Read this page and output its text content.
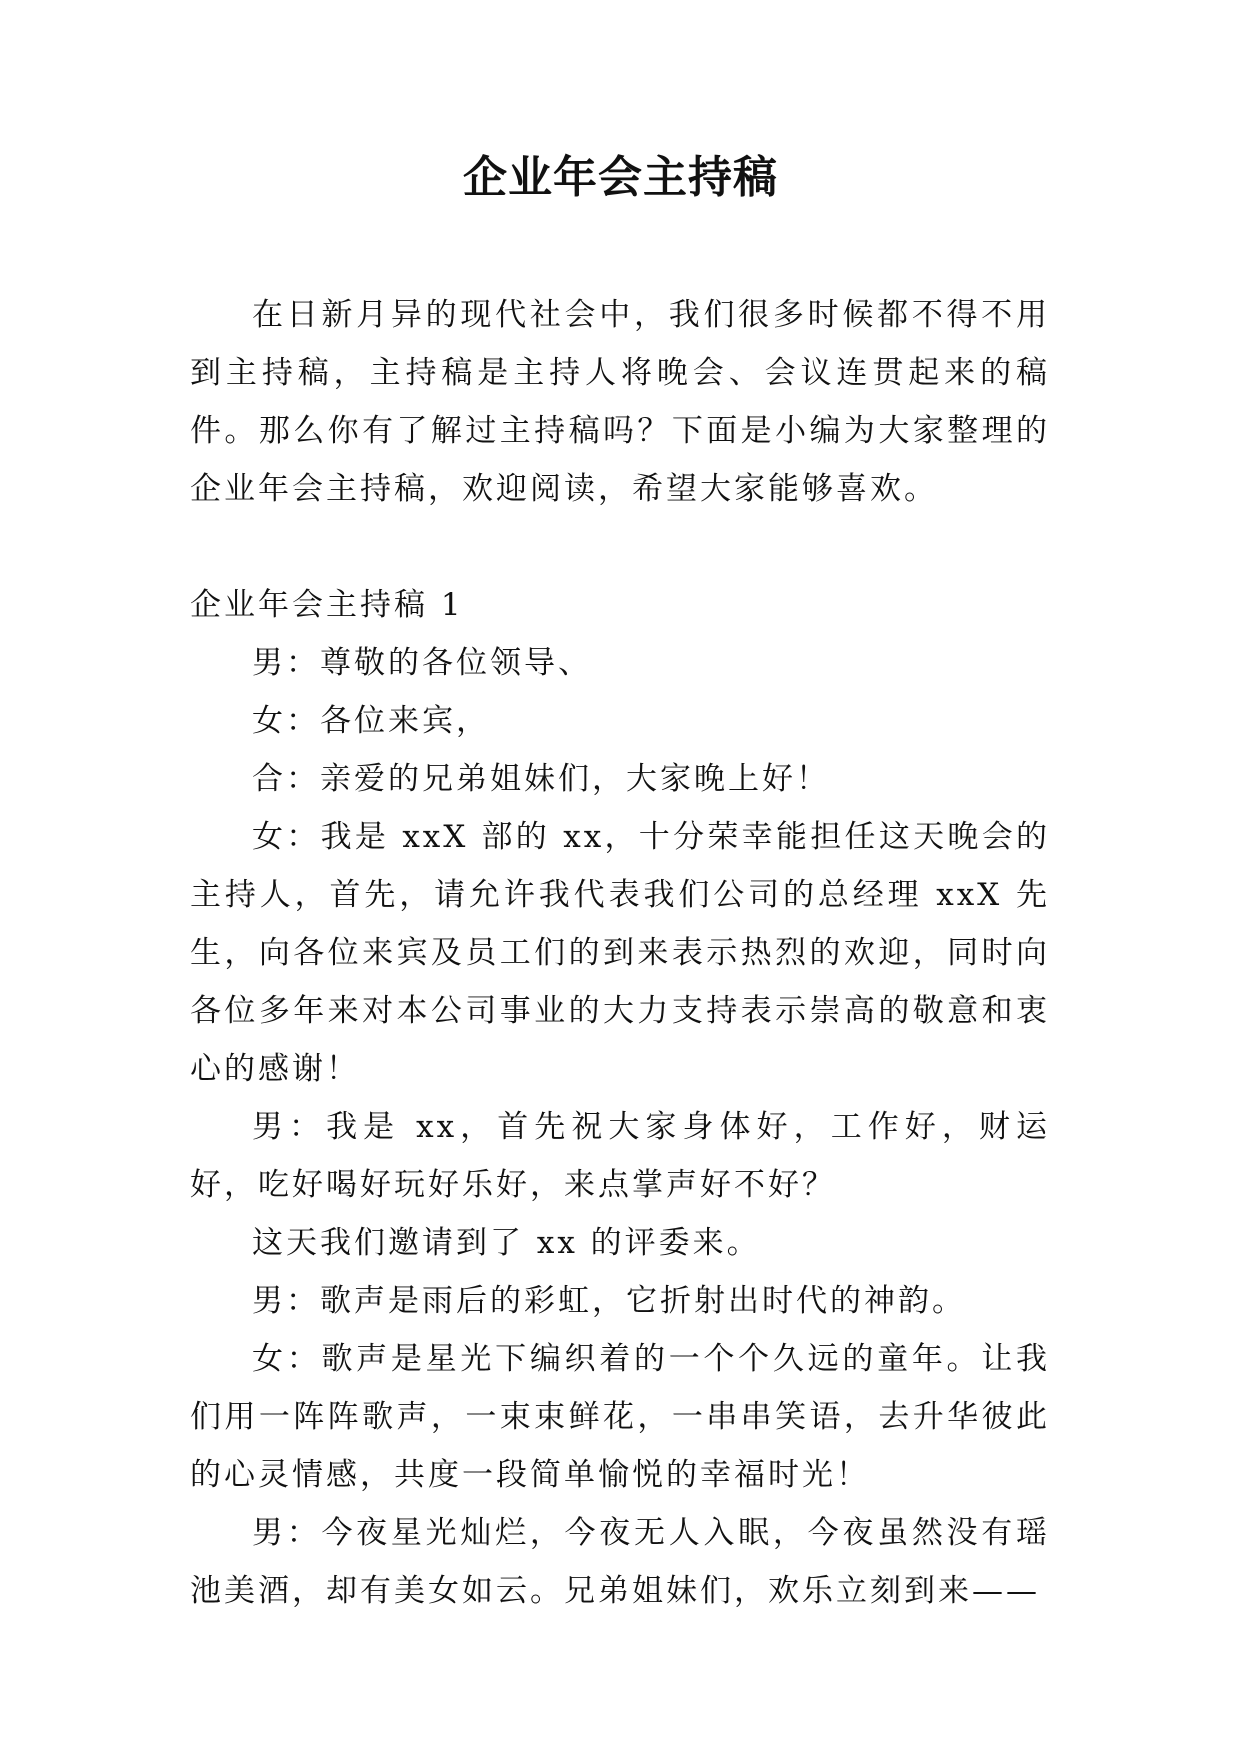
企业年会主持稿

在日新月异的现代社会中，我们很多时候都不得不用到主持稿，主持稿是主持人将晚会、会议连贯起来的稿件。那么你有了解过主持稿吗？下面是小编为大家整理的企业年会主持稿，欢迎阅读，希望大家能够喜欢。

企业年会主持稿 1

男：尊敬的各位领导、

女：各位来宾，

合：亲爱的兄弟姐妹们，大家晚上好！

女：我是 xxX 部的 xx，十分荣幸能担任这天晚会的主持人，首先，请允许我代表我们公司的总经理 xxX 先生，向各位来宾及员工们的到来表示热烈的欢迎，同时向各位多年来对本公司事业的大力支持表示崇高的敬意和衷心的感谢！

男：我是 xx，首先祝大家身体好，工作好，财运好，吃好喝好玩好乐好，来点掌声好不好？

这天我们邀请到了 xx 的评委来。

男：歌声是雨后的彩虹，它折射出时代的神韵。

女：歌声是星光下编织着的一个个久远的童年。让我们用一阵阵歌声，一束束鲜花，一串串笑语，去升华彼此的心灵情感，共度一段简单愉悦的幸福时光！

男：今夜星光灿烂，今夜无人入眠，今夜虽然没有瑶池美酒，却有美女如云。兄弟姐妹们，欢乐立刻到来——
